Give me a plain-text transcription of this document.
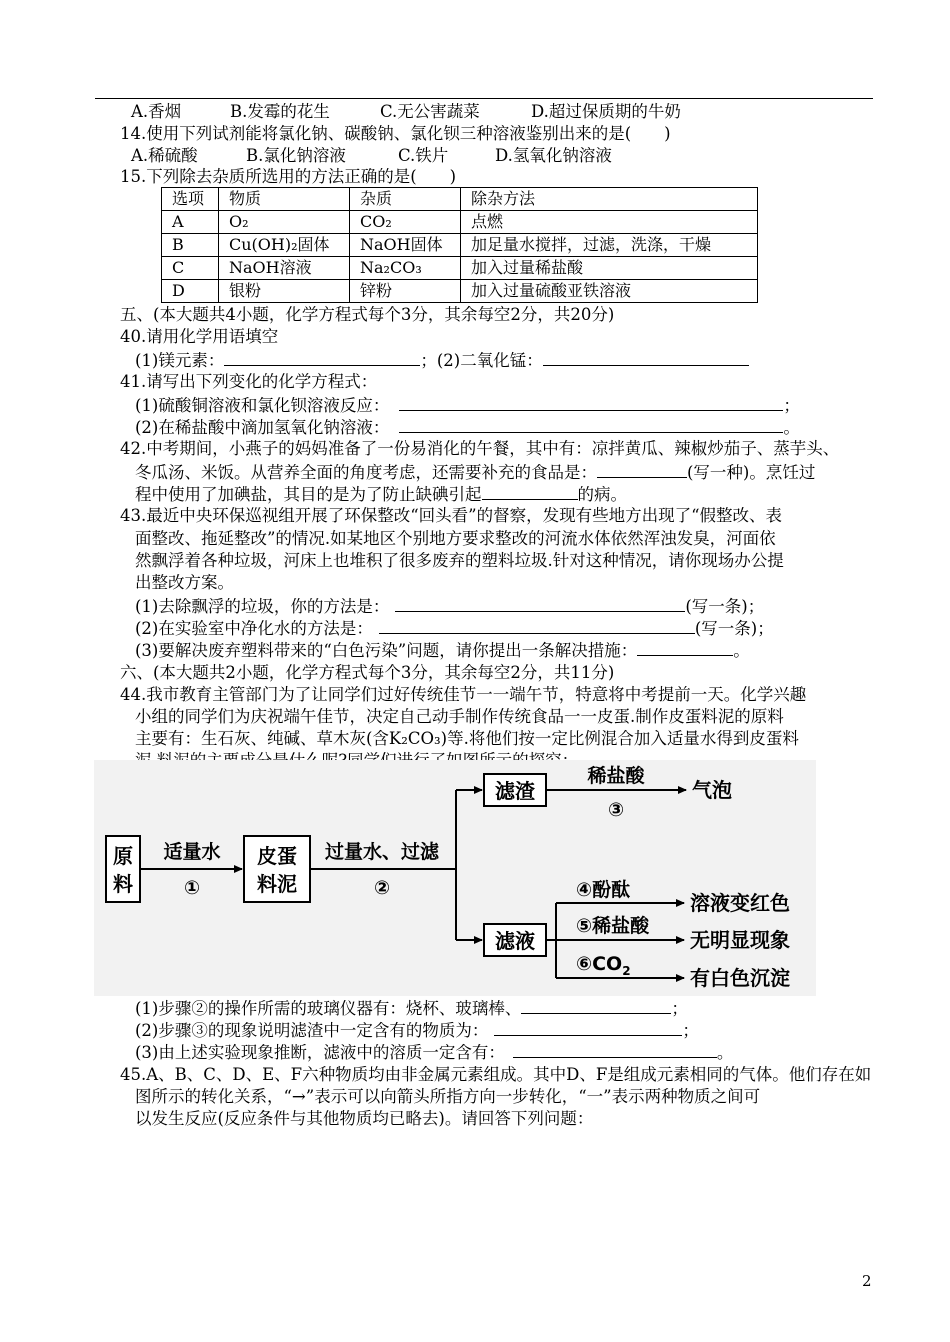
A.香烟	B.发霉的花生	C.无公害蔬菜	D.超过保质期的牛奶
14.使用下列试剂能将氯化钠、碳酸钠、氯化钡三种溶液鉴别出来的是(　　)
A.稀硫酸	B.氯化钠溶液	C.铁片	D.氢氧化钠溶液
15.下列除去杂质所选用的方法正确的是(　　)
选项	物质	杂质	除杂方法
A	O₂	CO₂	点燃
B	Cu(OH)₂固体	NaOH固体	加足量水搅拌，过滤，洗涤，干燥
C	NaOH溶液	Na₂CO₃	加入过量稀盐酸
D	银粉	锌粉	加入过量硫酸亚铁溶液
五、(本大题共4小题，化学方程式每个3分，其余每空2分，共20分)
40.请用化学用语填空
(1)镁元素：	；(2)二氧化锰：
41.请写出下列变化的化学方程式：
(1)硫酸铜溶液和氯化钡溶液反应：	；
(2)在稀盐酸中滴加氢氧化钠溶液：	。
42.中考期间，小燕子的妈妈准备了一份易消化的午餐，其中有：凉拌黄瓜、辣椒炒茄子、蒸芋头、
冬瓜汤、米饭。从营养全面的角度考虑，还需要补充的食品是：	(写一种)。烹饪过
程中使用了加碘盐，其目的是为了防止缺碘引起	的病。
43.最近中央环保巡视组开展了环保整改“回头看”的督察，发现有些地方出现了“假整改、表
面整改、拖延整改”的情况.如某地区个别地方要求整改的河流水体依然浑浊发臭，河面依
然飘浮着各种垃圾，河床上也堆积了很多废弃的塑料垃圾.针对这种情况，请你现场办公提
出整改方案。
(1)去除飘浮的垃圾，你的方法是：	(写一条)；
(2)在实验室中净化水的方法是：	(写一条)；
(3)要解决废弃塑料带来的“白色污染”问题，请你提出一条解决措施：	。
六、(本大题共2小题，化学方程式每个3分，其余每空2分，共11分)
44.我市教育主管部门为了让同学们过好传统佳节一一端午节，特意将中考提前一天。化学兴趣
小组的同学们为庆祝端午佳节，决定自己动手制作传统食品一一皮蛋.制作皮蛋料泥的原料
主要有：生石灰、纯碱、草木灰(含K₂CO₃)等.将他们按一定比例混合加入适量水得到皮蛋料
原
料
适量水
①
皮蛋
料泥
过量水、过滤
②
滤渣
稀盐酸
③
气泡
滤液
④酚酞
⑤稀盐酸
$⑥CO_2$
溶液变红色
无明显现象
有白色沉淀
(1)步骤②的操作所需的玻璃仪器有：烧杯、玻璃棒、	；
(2)步骤③的现象说明滤渣中一定含有的物质为：	；
(3)由上述实验现象推断，滤液中的溶质一定含有：	。
45.A、B、C、D、E、F六种物质均由非金属元素组成。其中D、F是组成元素相同的气体。他们存在如
图所示的转化关系，“→”表示可以向箭头所指方向一步转化，“一”表示两种物质之间可
以发生反应(反应条件与其他物质均已略去)。请回答下列问题：
2
